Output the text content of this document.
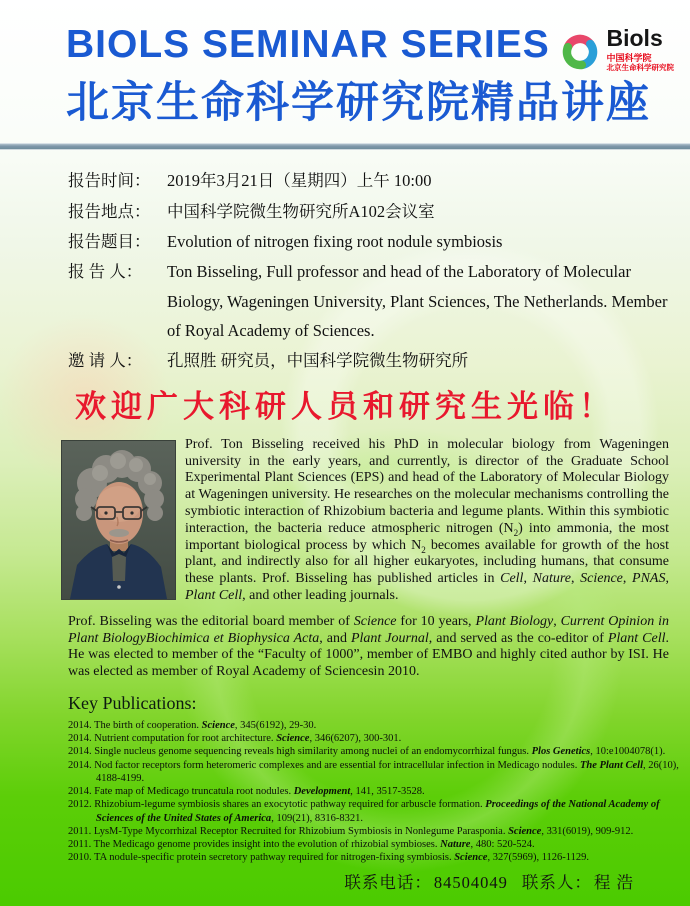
BIOLS SEMINAR SERIES
北京生命科学研究院精品讲座
Biols
中国科学院
北京生命科学研究院
报告时间：	2019年3月21日（星期四）上午 10:00
报告地点：	中国科学院微生物研究所A102会议室
报告题目：	Evolution of nitrogen fixing root nodule symbiosis
报 告 人：	Ton Bisseling, Full professor and head of the Laboratory of Molecular Biology, Wageningen University, Plant Sciences, The Netherlands. Member of Royal Academy of Sciences.
邀 请 人：	孔照胜 研究员，中国科学院微生物研究所
欢迎广大科研人员和研究生光临！
Prof. Ton Bisseling received his PhD in molecular biology from Wageningen university in the early years, and currently, is director of the Graduate School Experimental Plant Sciences (EPS) and head of the Laboratory of Molecular Biology at Wageningen university. He researches on the molecular mechanisms controlling the symbiotic interaction of Rhizobium bacteria and legume plants. Within this symbiotic interaction, the bacteria reduce atmospheric nitrogen $(N_2)$ into ammonia, the most important biological process by which $N_2$ becomes available for growth of the host plant, and indirectly also for all higher eukaryotes, including humans, that consume these plants. Prof. Bisseling has published articles in Cell, Nature, Science, PNAS, Plant Cell, and other leading journals.
Prof. Bisseling was the editorial board member of Science for 10 years, Plant Biology, Current Opinion in Plant BiologyBiochimica et Biophysica Acta, and Plant Journal, and served as the co-editor of Plant Cell. He was elected to member of the “Faculty of 1000”, member of EMBO and highly cited author by ISI. He was elected as member of Royal Academy of Sciencesin 2010.
Key Publications:
2014. The birth of cooperation. Science, 345(6192), 29-30.
2014. Nutrient computation for root architecture. Science, 346(6207), 300-301.
2014. Single nucleus genome sequencing reveals high similarity among nuclei of an endomycorrhizal fungus. Plos Genetics, 10:e1004078(1).
2014. Nod factor receptors form heteromeric complexes and are essential for intracellular infection in Medicago nodules. The Plant Cell, 26(10), 4188-4199.
2014. Fate map of Medicago truncatula root nodules. Development, 141, 3517-3528.
2012. Rhizobium-legume symbiosis shares an exocytotic pathway required for arbuscle formation. Proceedings of the National Academy of Sciences of the United States of America, 109(21), 8316-8321.
2011. LysM-Type Mycorrhizal Receptor Recruited for Rhizobium Symbiosis in Nonlegume Parasponia. Science, 331(6019), 909-912.
2011. The Medicago genome provides insight into the evolution of rhizobial symbioses. Nature, 480: 520-524.
2010. TA nodule-specific protein secretory pathway required for nitrogen-fixing symbiosis. Science, 327(5969), 1126-1129.
联系电话： 84504049 联系人： 程 浩
